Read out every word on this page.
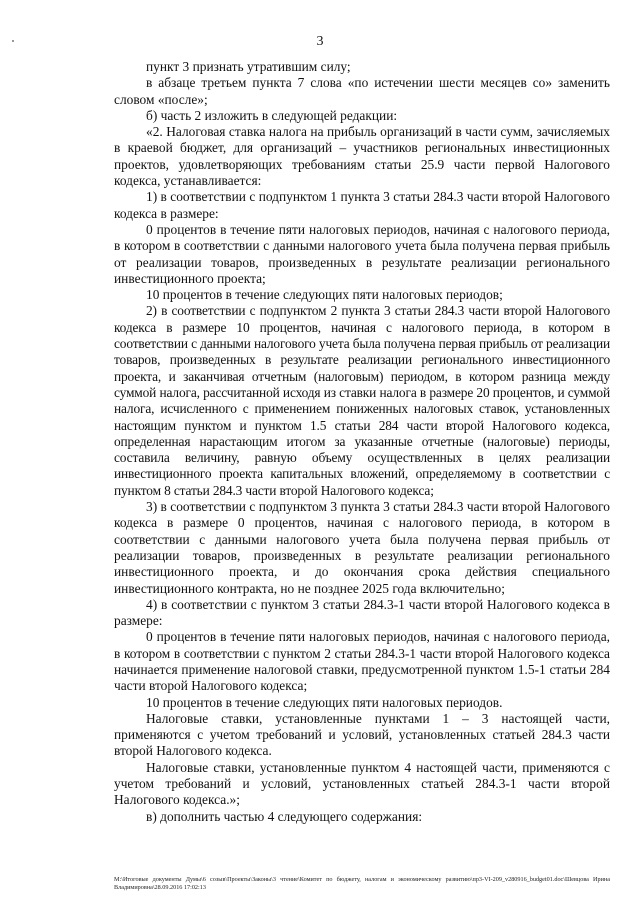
3

пункт 3 признать утратившим силу;

в абзаце третьем пункта 7 слова «по истечении шести месяцев со» заменить словом «после»;

б) часть 2 изложить в следующей редакции:

«2. Налоговая ставка налога на прибыль организаций в части сумм, зачисляемых в краевой бюджет, для организаций – участников региональных инвестиционных проектов, удовлетворяющих требованиям статьи 25.9 части первой Налогового кодекса, устанавливается:

1) в соответствии с подпунктом 1 пункта 3 статьи 284.3 части второй Налогового кодекса в размере:

0 процентов в течение пяти налоговых периодов, начиная с налогового периода, в котором в соответствии с данными налогового учета была получена первая прибыль от реализации товаров, произведенных в результате реализации регионального инвестиционного проекта;

10 процентов в течение следующих пяти налоговых периодов;

2) в соответствии с подпунктом 2 пункта 3 статьи 284.3 части второй Налогового кодекса в размере 10 процентов, начиная с налогового периода, в котором в соответствии с данными налогового учета была получена первая прибыль от реализации товаров, произведенных в результате реализации регионального инвестиционного проекта, и заканчивая отчетным (налоговым) периодом, в котором разница между суммой налога, рассчитанной исходя из ставки налога в размере 20 процентов, и суммой налога, исчисленного с применением пониженных налоговых ставок, установленных настоящим пунктом и пунктом 1.5 статьи 284 части второй Налогового кодекса, определенная нарастающим итогом за указанные отчетные (налоговые) периоды, составила величину, равную объему осуществленных в целях реализации инвестиционного проекта капитальных вложений, определяемому в соответствии с пунктом 8 статьи 284.3 части второй Налогового кодекса;

3) в соответствии с подпунктом 3 пункта 3 статьи 284.3 части второй Налогового кодекса в размере 0 процентов, начиная с налогового периода, в котором в соответствии с данными налогового учета была получена первая прибыль от реализации товаров, произведенных в результате реализации регионального инвестиционного проекта, и до окончания срока действия специального инвестиционного контракта, но не позднее 2025 года включительно;

4) в соответствии с пунктом 3 статьи 284.3-1 части второй Налогового кодекса в размере:

0 процентов в течение пяти налоговых периодов, начиная с налогового периода, в котором в соответствии с пунктом 2 статьи 284.3-1 части второй Налогового кодекса начинается применение налоговой ставки, предусмотренной пунктом 1.5-1 статьи 284 части второй Налогового кодекса;

10 процентов в течение следующих пяти налоговых периодов.

Налоговые ставки, установленные пунктами 1 – 3 настоящей части, применяются с учетом требований и условий, установленных статьей 284.3 части второй Налогового кодекса.

Налоговые ставки, установленные пунктом 4 настоящей части, применяются с учетом требований и условий, установленных статьей 284.3-1 части второй Налогового кодекса.»;

в) дополнить частью 4 следующего содержания:

M:\Итоговые документы Думы\6 созыв\Проекты\Законы\3 чтение\Комитет по бюджету, налогам и экономическому развитию\пр3-VI-209_v280916_budget01.doc\Шевцова Ирина Владимировна\28.09.2016 17:02:13
